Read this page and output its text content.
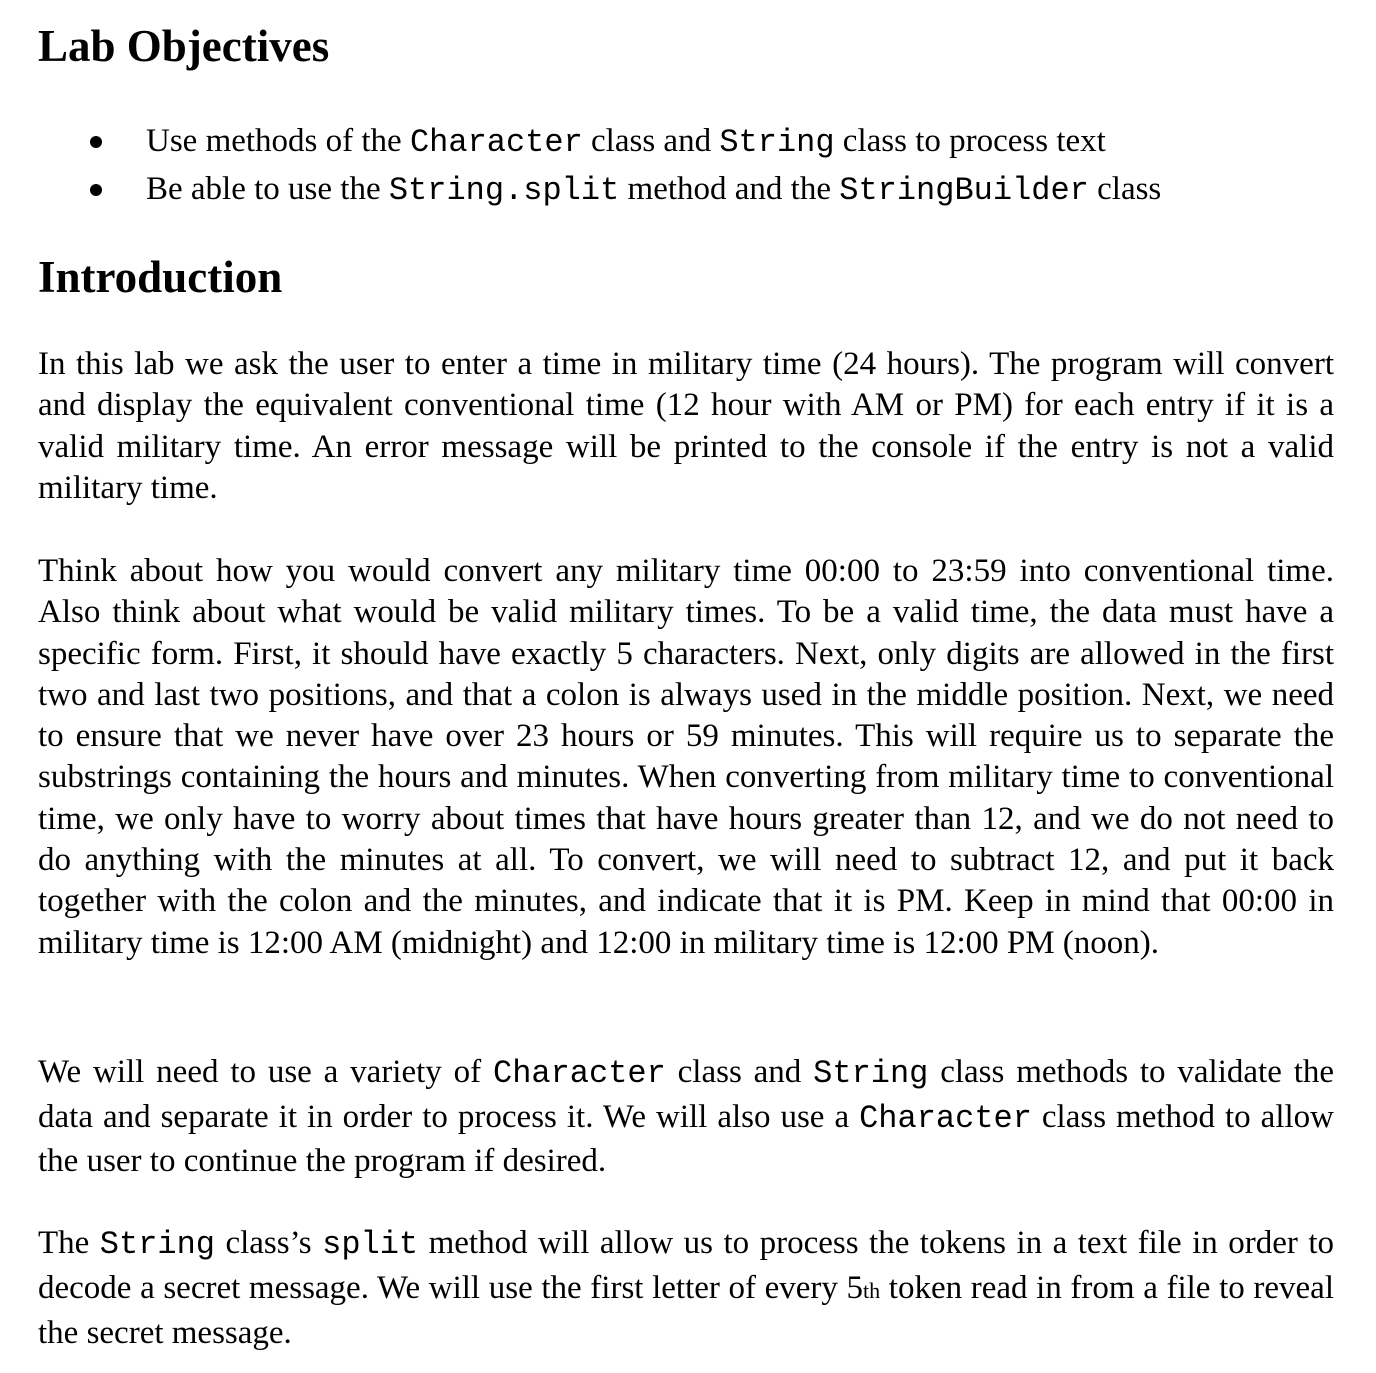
Lab Objectives
Use methods of the Character class and String class to process text
Be able to use the String.split method and the StringBuilder class
Introduction

In this lab we ask the user to enter a time in military time (24 hours). The program will convert and display the equivalent conventional time (12 hour with AM or PM) for each entry if it is a valid military time. An error message will be printed to the console if the entry is not a valid military time.

Think about how you would convert any military time 00:00 to 23:59 into conventional time. Also think about what would be valid military times. To be a valid time, the data must have a specific form. First, it should have exactly 5 characters. Next, only digits are allowed in the first two and last two positions, and that a colon is always used in the middle position. Next, we need to ensure that we never have over 23 hours or 59 minutes. This will require us to separate the substrings containing the hours and minutes. When converting from military time to conventional time, we only have to worry about times that have hours greater than 12, and we do not need to do anything with the minutes at all. To convert, we will need to subtract 12, and put it back together with the colon and the minutes, and indicate that it is PM. Keep in mind that 00:00 in military time is 12:00 AM (midnight) and 12:00 in military time is 12:00 PM (noon).

We will need to use a variety of Character class and String class methods to validate the data and separate it in order to process it. We will also use a Character class method to allow the user to continue the program if desired.

The String class’s split method will allow us to process the tokens in a text file in order to decode a secret message. We will use the first letter of every 5th token read in from a file to reveal the secret message.
